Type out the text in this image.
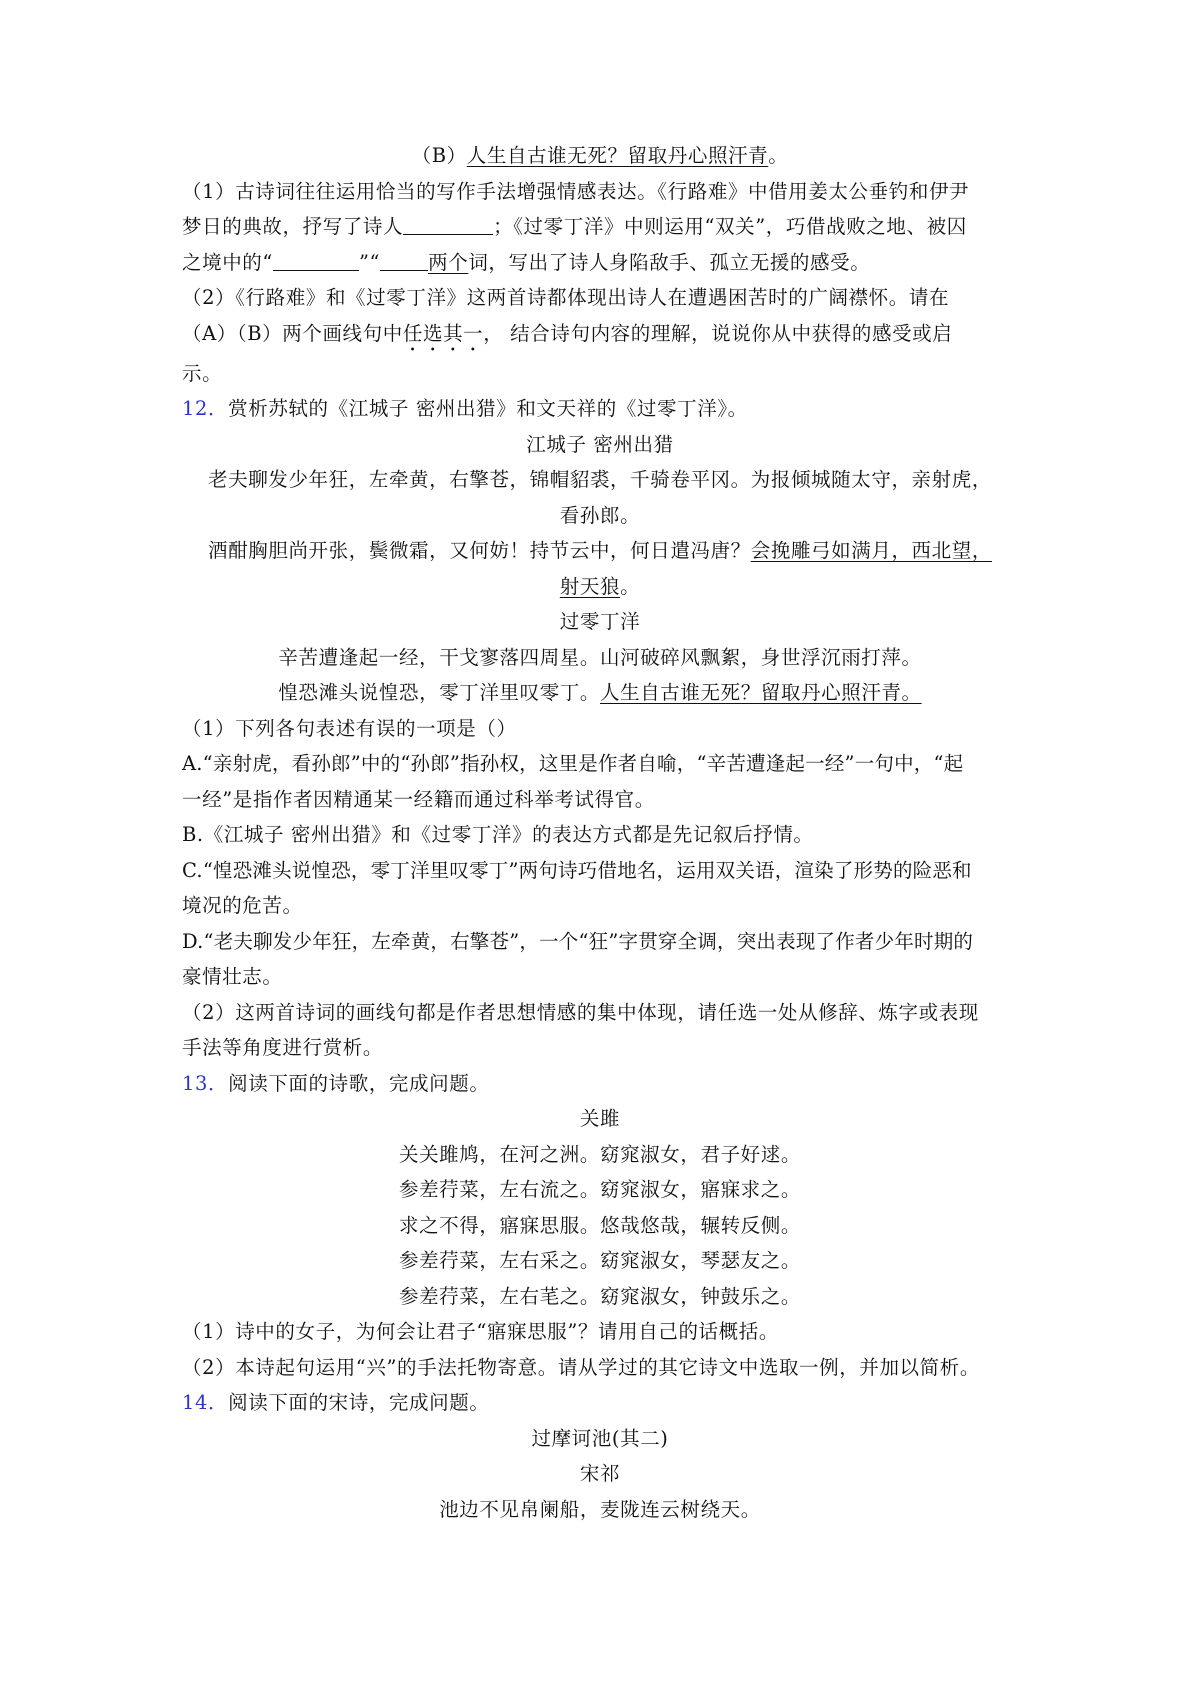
（B）人生自古谁无死？留取丹心照汗青。
（1）古诗词往往运用恰当的写作手法增强情感表达。《行路难》中借用姜太公垂钓和伊尹
梦日的典故，抒写了诗人	；《过零丁洋》中则运用“双关”，巧借战败之地、被囚
之境中的“	”“ 两个词，写出了诗人身陷敌手、孤立无援的感受。
（2）《行路难》和《过零丁洋》这两首诗都体现出诗人在遭遇困苦时的广阔襟怀。请在
（A）（B）两个画线句中任选其一， 结合诗句内容的理解，说说你从中获得的感受或启
示。
12．赏析苏轼的《江城子 密州出猎》和文天祥的《过零丁洋》。
江城子 密州出猎
老夫聊发少年狂，左牵黄，右擎苍，锦帽貂裘，千骑卷平冈。为报倾城随太守，亲射虎，
看孙郎。
酒酣胸胆尚开张，鬓微霜，又何妨！持节云中，何日遣冯唐？会挽雕弓如满月，西北望，
射天狼。
过零丁洋
辛苦遭逢起一经，干戈寥落四周星。山河破碎风飘絮，身世浮沉雨打萍。
惶恐滩头说惶恐，零丁洋里叹零丁。人生自古谁无死？留取丹心照汗青。
（1）下列各句表述有误的一项是（）
A.“亲射虎，看孙郎”中的“孙郎”指孙权，这里是作者自喻，“辛苦遭逢起一经”一句中，“起
一经”是指作者因精通某一经籍而通过科举考试得官。
B.《江城子 密州出猎》和《过零丁洋》的表达方式都是先记叙后抒情。
C.“惶恐滩头说惶恐，零丁洋里叹零丁”两句诗巧借地名，运用双关语，渲染了形势的险恶和
境况的危苦。
D.“老夫聊发少年狂，左牵黄，右擎苍”，一个“狂”字贯穿全调，突出表现了作者少年时期的
豪情壮志。
（2）这两首诗词的画线句都是作者思想情感的集中体现，请任选一处从修辞、炼字或表现
手法等角度进行赏析。
13．阅读下面的诗歌，完成问题。
关雎
关关雎鸠，在河之洲。窈窕淑女，君子好逑。
参差荇菜，左右流之。窈窕淑女，寤寐求之。
求之不得，寤寐思服。悠哉悠哉，辗转反侧。
参差荇菜，左右采之。窈窕淑女，琴瑟友之。
参差荇菜，左右芼之。窈窕淑女，钟鼓乐之。
（1）诗中的女子，为何会让君子“寤寐思服”？请用自己的话概括。
（2）本诗起句运用“兴”的手法托物寄意。请从学过的其它诗文中选取一例，并加以简析。
14．阅读下面的宋诗，完成问题。
过摩诃池(其二)
宋祁
池边不见帛阑船，麦陇连云树绕天。
